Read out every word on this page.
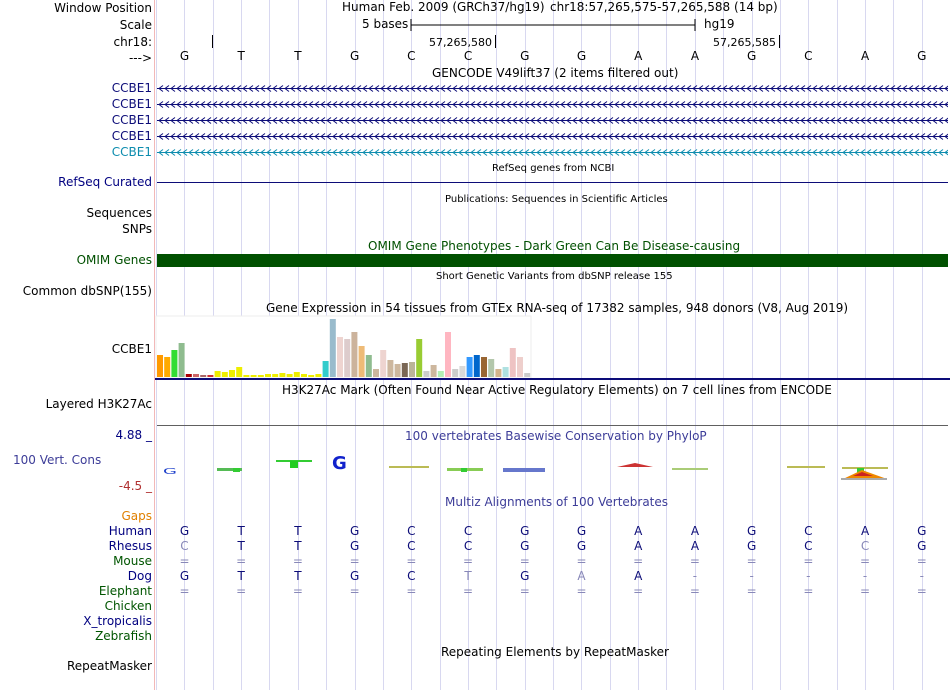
Window Position
Scale
chr18:
--->
Human Feb. 2009 (GRCh37/hg19) chr18:57,265,575-57,265,588 (14 bp)
5 bases	hg19
57,265,580	57,265,585
G	T	T	G	C	C	G	G	A	A	G	C	A	G
GENCODE V49lift37 (2 items filtered out)
CCBE1
CCBE1
CCBE1
CCBE1
CCBE1
RefSeq genes from NCBI
RefSeq Curated
Publications: Sequences in Scientific Articles
Sequences
SNPs
OMIM Gene Phenotypes - Dark Green Can Be Disease-causing
OMIM Genes
Short Genetic Variants from dbSNP release 155
Common dbSNP(155)
Gene Expression in 54 tissues from GTEx RNA-seq of 17382 samples, 948 donors (V8, Aug 2019)
CCBE1
H3K27Ac Mark (Often Found Near Active Regulatory Elements) on 7 cell lines from ENCODE
Layered H3K27Ac
4.88 _	100 vertebrates Basewise Conservation by PhyloP
100 Vert. Cons
-4.5 _
G	G
Multiz Alignments of 100 Vertebrates
Gaps
Human	G	T	T	G	C	C	G	G	A	A	G	C	A	G
Rhesus	C	T	T	G	C	C	G	G	A	A	G	C	C	G
Mouse	=	=	=	=	=	=	=	=	=	=	=	=	=	=
Dog	G	T	T	G	C	T	G	A	A	-	-	-	-	-
Elephant	=	=	=	=	=	=	=	=	=	=	=	=	=	=
Chicken
X_tropicalis
Zebrafish
Repeating Elements by RepeatMasker
RepeatMasker
